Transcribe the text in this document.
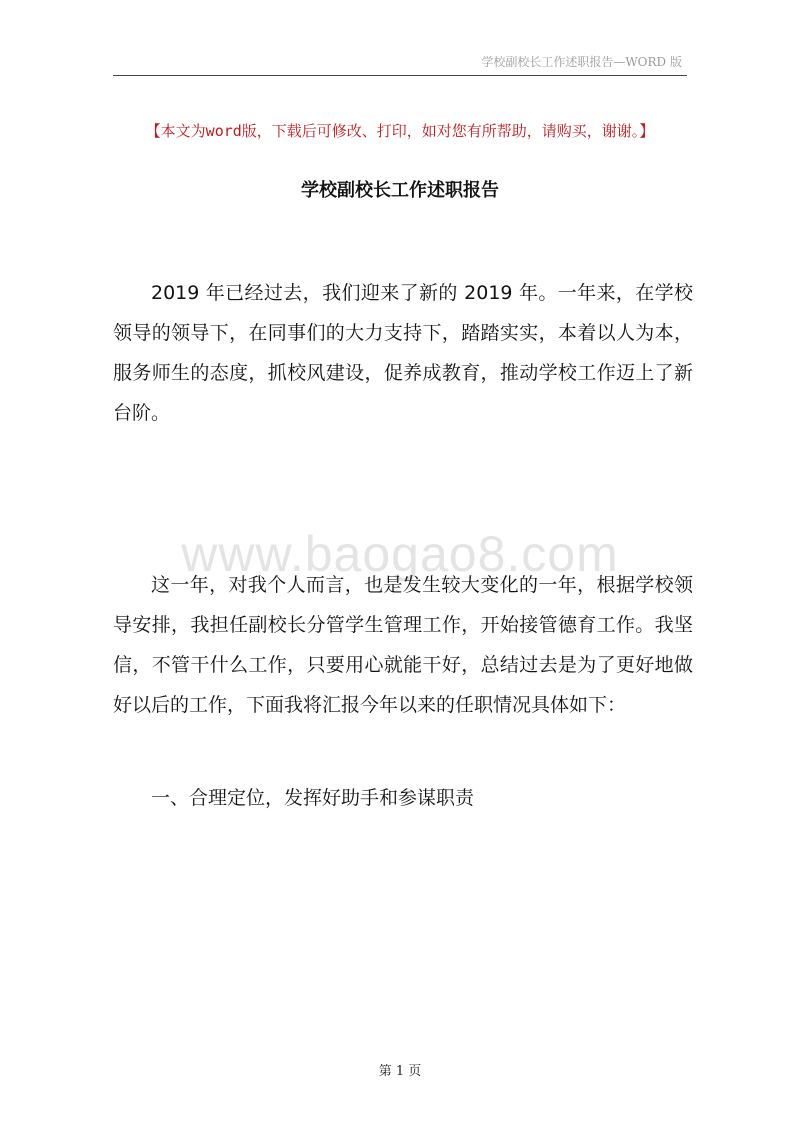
学校副校长工作述职报告—WORD 版
【本文为word版，下载后可修改、打印，如对您有所帮助，请购买，谢谢。】
学校副校长工作述职报告

2019 年已经过去，我们迎来了新的 2019 年。一年来，在学校领导的领导下，在同事们的大力支持下，踏踏实实，本着以人为本，服务师生的态度，抓校风建设，促养成教育，推动学校工作迈上了新台阶。

www.baogao8.com

这一年，对我个人而言，也是发生较大变化的一年，根据学校领导安排，我担任副校长分管学生管理工作，开始接管德育工作。我坚信，不管干什么工作，只要用心就能干好，总结过去是为了更好地做好以后的工作，下面我将汇报今年以来的任职情况具体如下：

一、合理定位，发挥好助手和参谋职责

第 1 页
